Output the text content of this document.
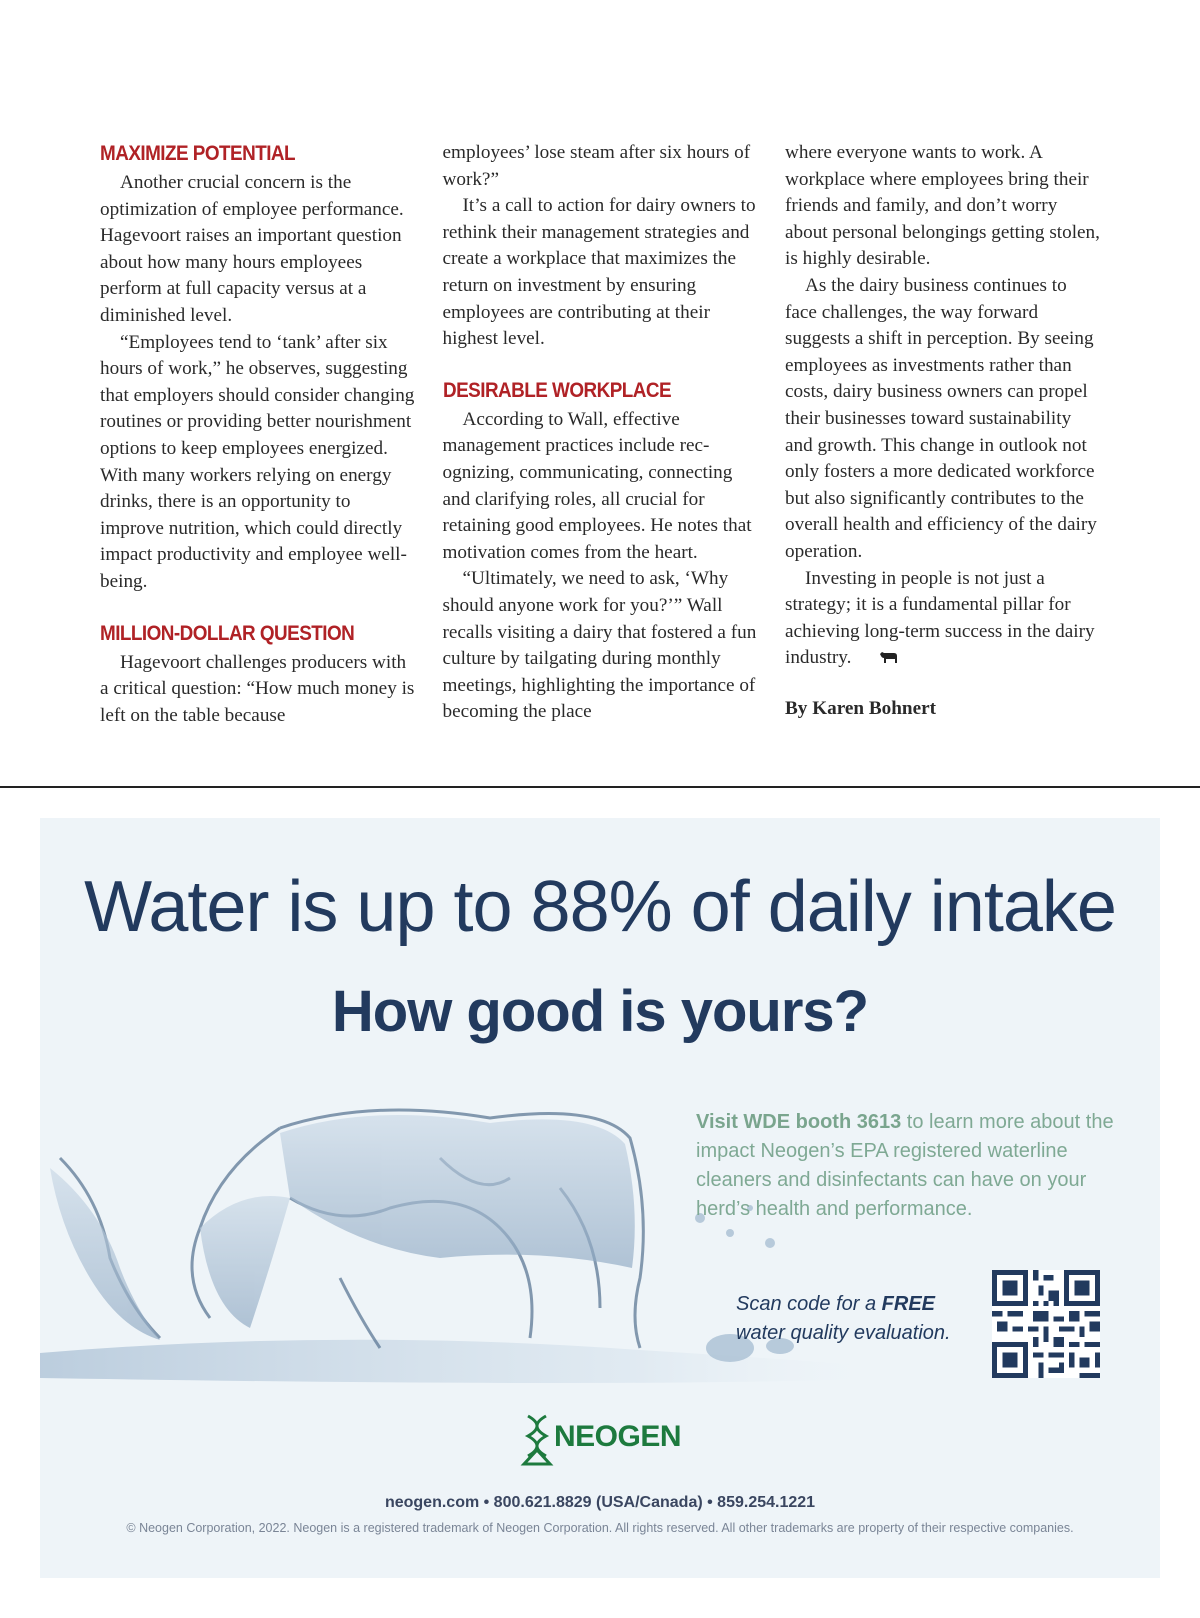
MAXIMIZE POTENTIAL

Another crucial concern is the optimization of employee performance. Hagevoort raises an important question about how many hours employees perform at full capacity versus at a diminished level.

“Employees tend to ‘tank’ after six hours of work,” he observes, suggesting that employers should consider changing routines or providing better nourishment options to keep employees energized. With many workers relying on energy drinks, there is an opportunity to improve nutrition, which could directly impact productivity and employee well-being.

MILLION-DOLLAR QUESTION

Hagevoort challenges producers with a critical question: “How much money is left on the table because

employees’ lose steam after six hours of work?”

It’s a call to action for dairy owners to rethink their management strategies and create a workplace that maximizes the return on investment by ensuring employees are contributing at their highest level.

DESIRABLE WORKPLACE

According to Wall, effective management practices include recognizing, communicating, connecting and clarifying roles, all crucial for retaining good employees. He notes that motivation comes from the heart.

“Ultimately, we need to ask, ‘Why should anyone work for you?’” Wall recalls visiting a dairy that fostered a fun culture by tailgating during monthly meetings, highlighting the importance of becoming the place

where everyone wants to work. A workplace where employees bring their friends and family, and don’t worry about personal belongings getting stolen, is highly desirable.

As the dairy business continues to face challenges, the way forward suggests a shift in perception. By seeing employees as investments rather than costs, dairy business owners can propel their businesses toward sustainability and growth. This change in outlook not only fosters a more dedicated workforce but also significantly contributes to the overall health and efficiency of the dairy operation.

Investing in people is not just a strategy; it is a fundamental pillar for achieving long-term success in the dairy industry.

By Karen Bohnert

Water is up to 88% of daily intake
How good is yours?
Visit WDE booth 3613 to learn more about the impact Neogen’s EPA registered waterline cleaners and disinfectants can have on your herd’s health and performance.
Scan code for a FREE
water quality evaluation.
NEOGEN
neogen.com • 800.621.8829 (USA/Canada) • 859.254.1221
© Neogen Corporation, 2022. Neogen is a registered trademark of Neogen Corporation. All rights reserved. All other trademarks are property of their respective companies.
